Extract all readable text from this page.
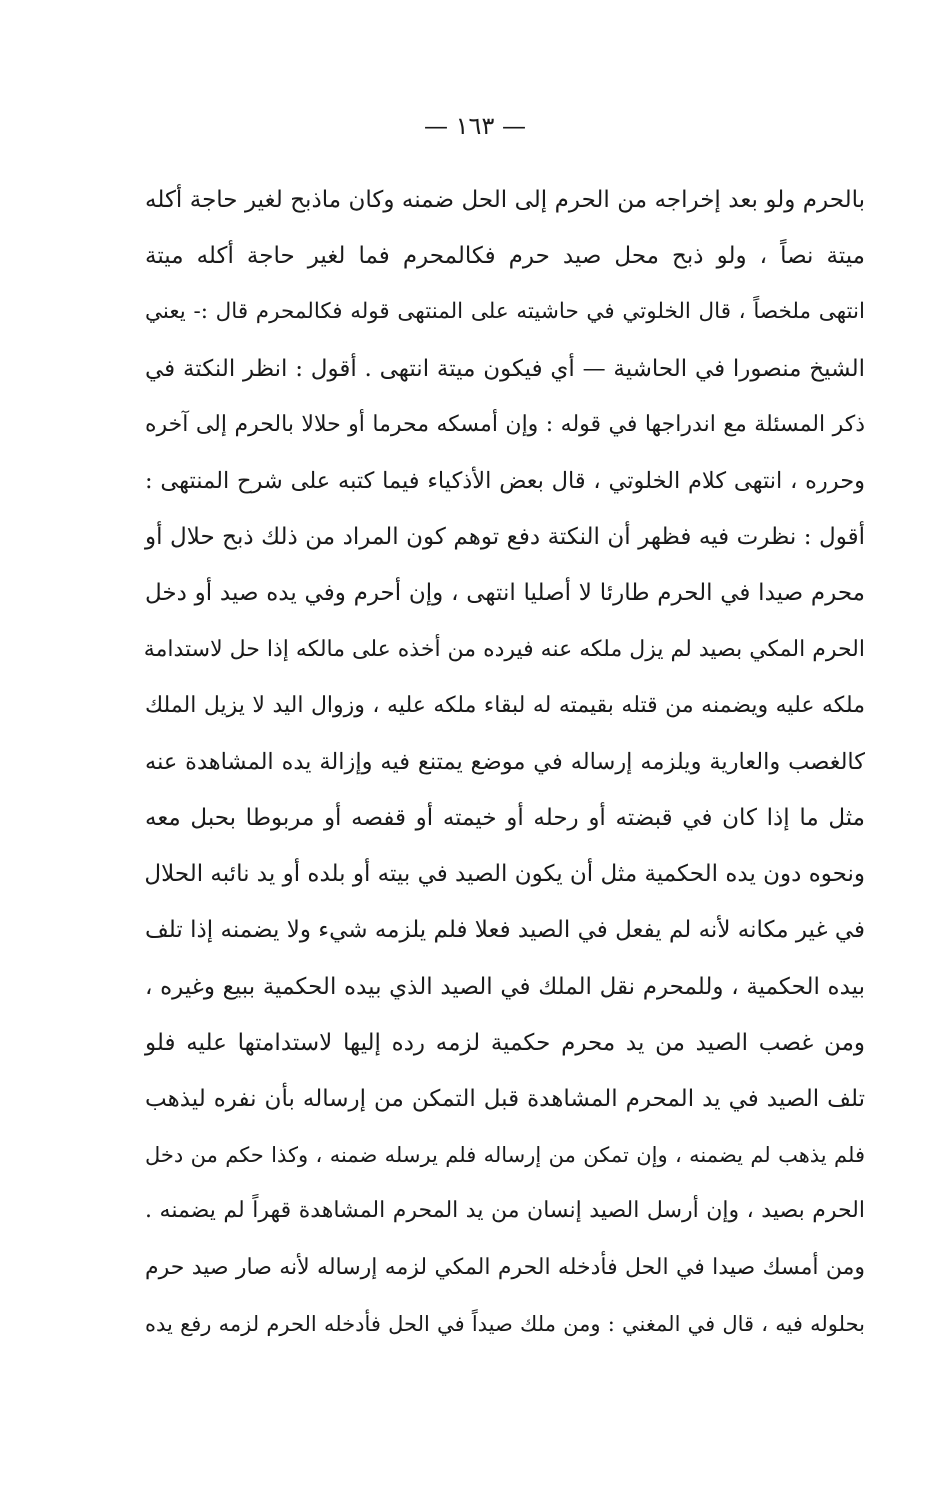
— ١٦٣ —
بالحرم ولو بعد إخراجه من الحرم إلى الحل ضمنه وكان ماذبح لغير حاجة أكله
ميتة نصاً ، ولو ذبح محل صيد حرم فكالمحرم فما لغير حاجة أكله ميتة
انتهى ملخصاً ، قال الخلوتي في حاشيته على المنتهى قوله فكالمحرم قال :- يعني
الشيخ منصورا في الحاشية — أي فيكون ميتة انتهى . أقول : انظر النكتة في
ذكر المسئلة مع اندراجها في قوله : وإن أمسكه محرما أو حلالا بالحرم إلى آخره
وحرره ، انتهى كلام الخلوتي ، قال بعض الأذكياء فيما كتبه على شرح المنتهى :
أقول : نظرت فيه فظهر أن النكتة دفع توهم كون المراد من ذلك ذبح حلال أو
محرم صيدا في الحرم طارئا لا أصليا انتهى ، وإن أحرم وفي يده صيد أو دخل
الحرم المكي بصيد لم يزل ملكه عنه فيرده من أخذه على مالكه إذا حل لاستدامة
ملكه عليه ويضمنه من قتله بقيمته له لبقاء ملكه عليه ، وزوال اليد لا يزيل الملك
كالغصب والعارية ويلزمه إرساله في موضع يمتنع فيه وإزالة يده المشاهدة عنه
مثل ما إذا كان في قبضته أو رحله أو خيمته أو قفصه أو مربوطا بحبل معه
ونحوه دون يده الحكمية مثل أن يكون الصيد في بيته أو بلده أو يد نائبه الحلال
في غير مكانه لأنه لم يفعل في الصيد فعلا فلم يلزمه شيء ولا يضمنه إذا تلف
بيده الحكمية ، وللمحرم نقل الملك في الصيد الذي بيده الحكمية ببيع وغيره ،
ومن غصب الصيد من يد محرم حكمية لزمه رده إليها لاستدامتها عليه فلو
تلف الصيد في يد المحرم المشاهدة قبل التمكن من إرساله بأن نفره ليذهب
فلم يذهب لم يضمنه ، وإن تمكن من إرساله فلم يرسله ضمنه ، وكذا حكم من دخل
الحرم بصيد ، وإن أرسل الصيد إنسان من يد المحرم المشاهدة قهراً لم يضمنه .
ومن أمسك صيدا في الحل فأدخله الحرم المكي لزمه إرساله لأنه صار صيد حرم
بحلوله فيه ، قال في المغني : ومن ملك صيداً في الحل فأدخله الحرم لزمه رفع يده
